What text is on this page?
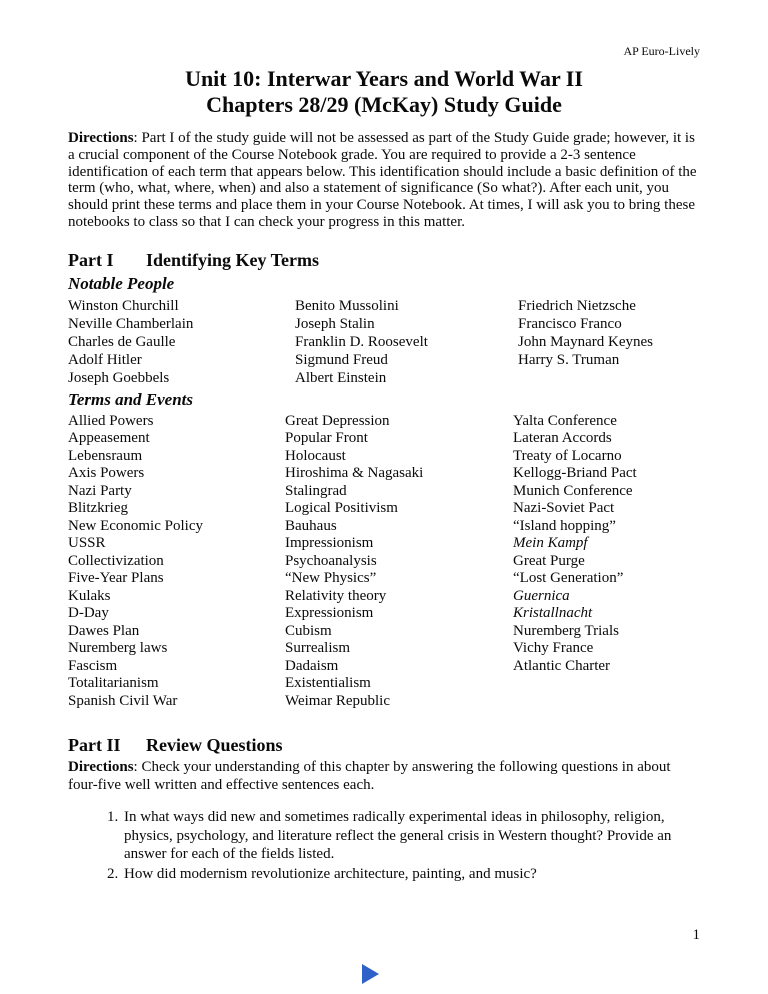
AP Euro-Lively
Unit 10: Interwar Years and World War II
Chapters 28/29 (McKay) Study Guide

Directions: Part I of the study guide will not be assessed as part of the Study Guide grade; however, it is a crucial component of the Course Notebook grade. You are required to provide a 2-3 sentence identification of each term that appears below. This identification should include a basic definition of the term (who, what, where, when) and also a statement of significance (So what?). After each unit, you should print these terms and place them in your Course Notebook. At times, I will ask you to bring these notebooks to class so that I can check your progress in this matter.

Part I Identifying Key Terms
Notable People
Winston Churchill
Neville Chamberlain
Charles de Gaulle
Adolf Hitler
Joseph Goebbels
Benito Mussolini
Joseph Stalin
Franklin D. Roosevelt
Sigmund Freud
Albert Einstein
Friedrich Nietzsche
Francisco Franco
John Maynard Keynes
Harry S. Truman
Terms and Events
Allied Powers
Appeasement
Lebensraum
Axis Powers
Nazi Party
Blitzkrieg
New Economic Policy
USSR
Collectivization
Five-Year Plans
Kulaks
D-Day
Dawes Plan
Nuremberg laws
Fascism
Totalitarianism
Spanish Civil War
Great Depression
Popular Front
Holocaust
Hiroshima & Nagasaki
Stalingrad
Logical Positivism
Bauhaus
Impressionism
Psychoanalysis
“New Physics”
Relativity theory
Expressionism
Cubism
Surrealism
Dadaism
Existentialism
Weimar Republic
Yalta Conference
Lateran Accords
Treaty of Locarno
Kellogg-Briand Pact
Munich Conference
Nazi-Soviet Pact
“Island hopping”
Mein Kampf
Great Purge
“Lost Generation”
Guernica
Kristallnacht
Nuremberg Trials
Vichy France
Atlantic Charter
Part II Review Questions

Directions: Check your understanding of this chapter by answering the following questions in about four-five well written and effective sentences each.

1. In what ways did new and sometimes radically experimental ideas in philosophy, religion, physics, psychology, and literature reflect the general crisis in Western thought? Provide an answer for each of the fields listed.
2. How did modernism revolutionize architecture, painting, and music?
1
